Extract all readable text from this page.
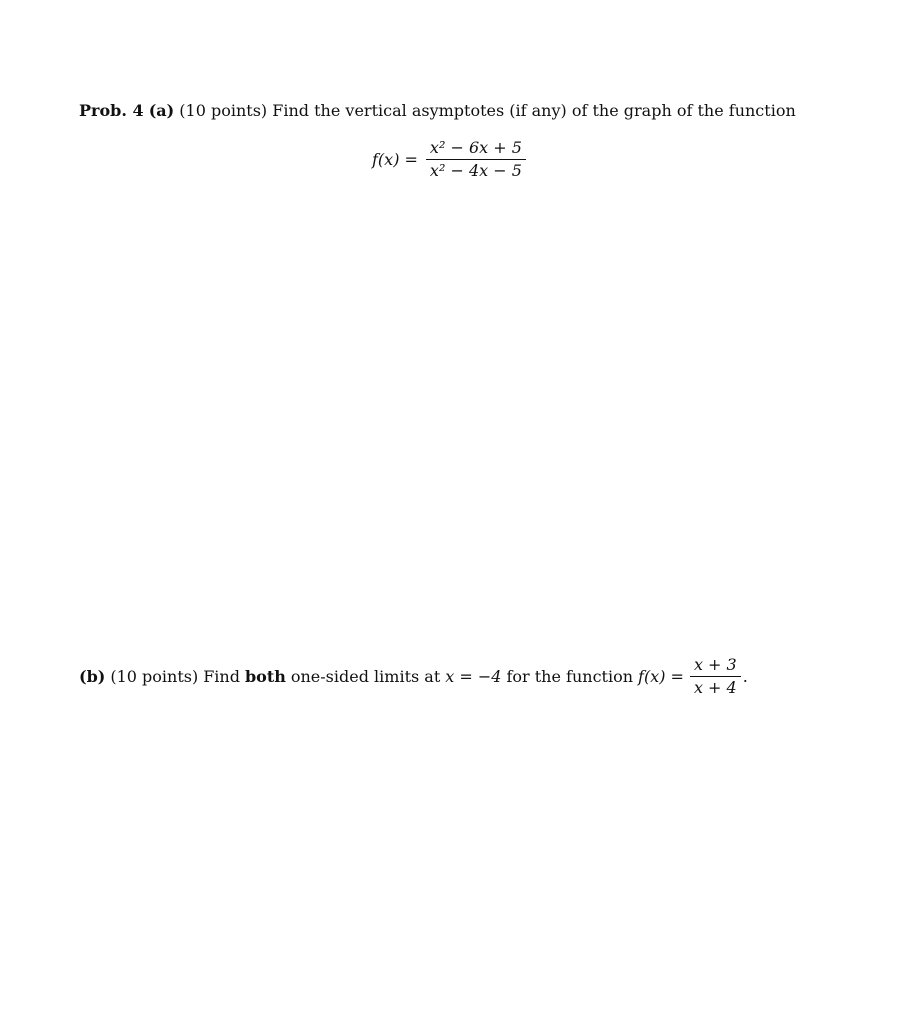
Prob. 4 (a) (10 points) Find the vertical asymptotes (if any) of the graph of the function
$f(x) = \frac{\text{x² − 6x + 5}}{\text{x² − 4x − 5}}$
(b) (10 points) Find both one-sided limits at x = −4 for the function $f(x) = \frac{x + 3}{x + 4}$ .
